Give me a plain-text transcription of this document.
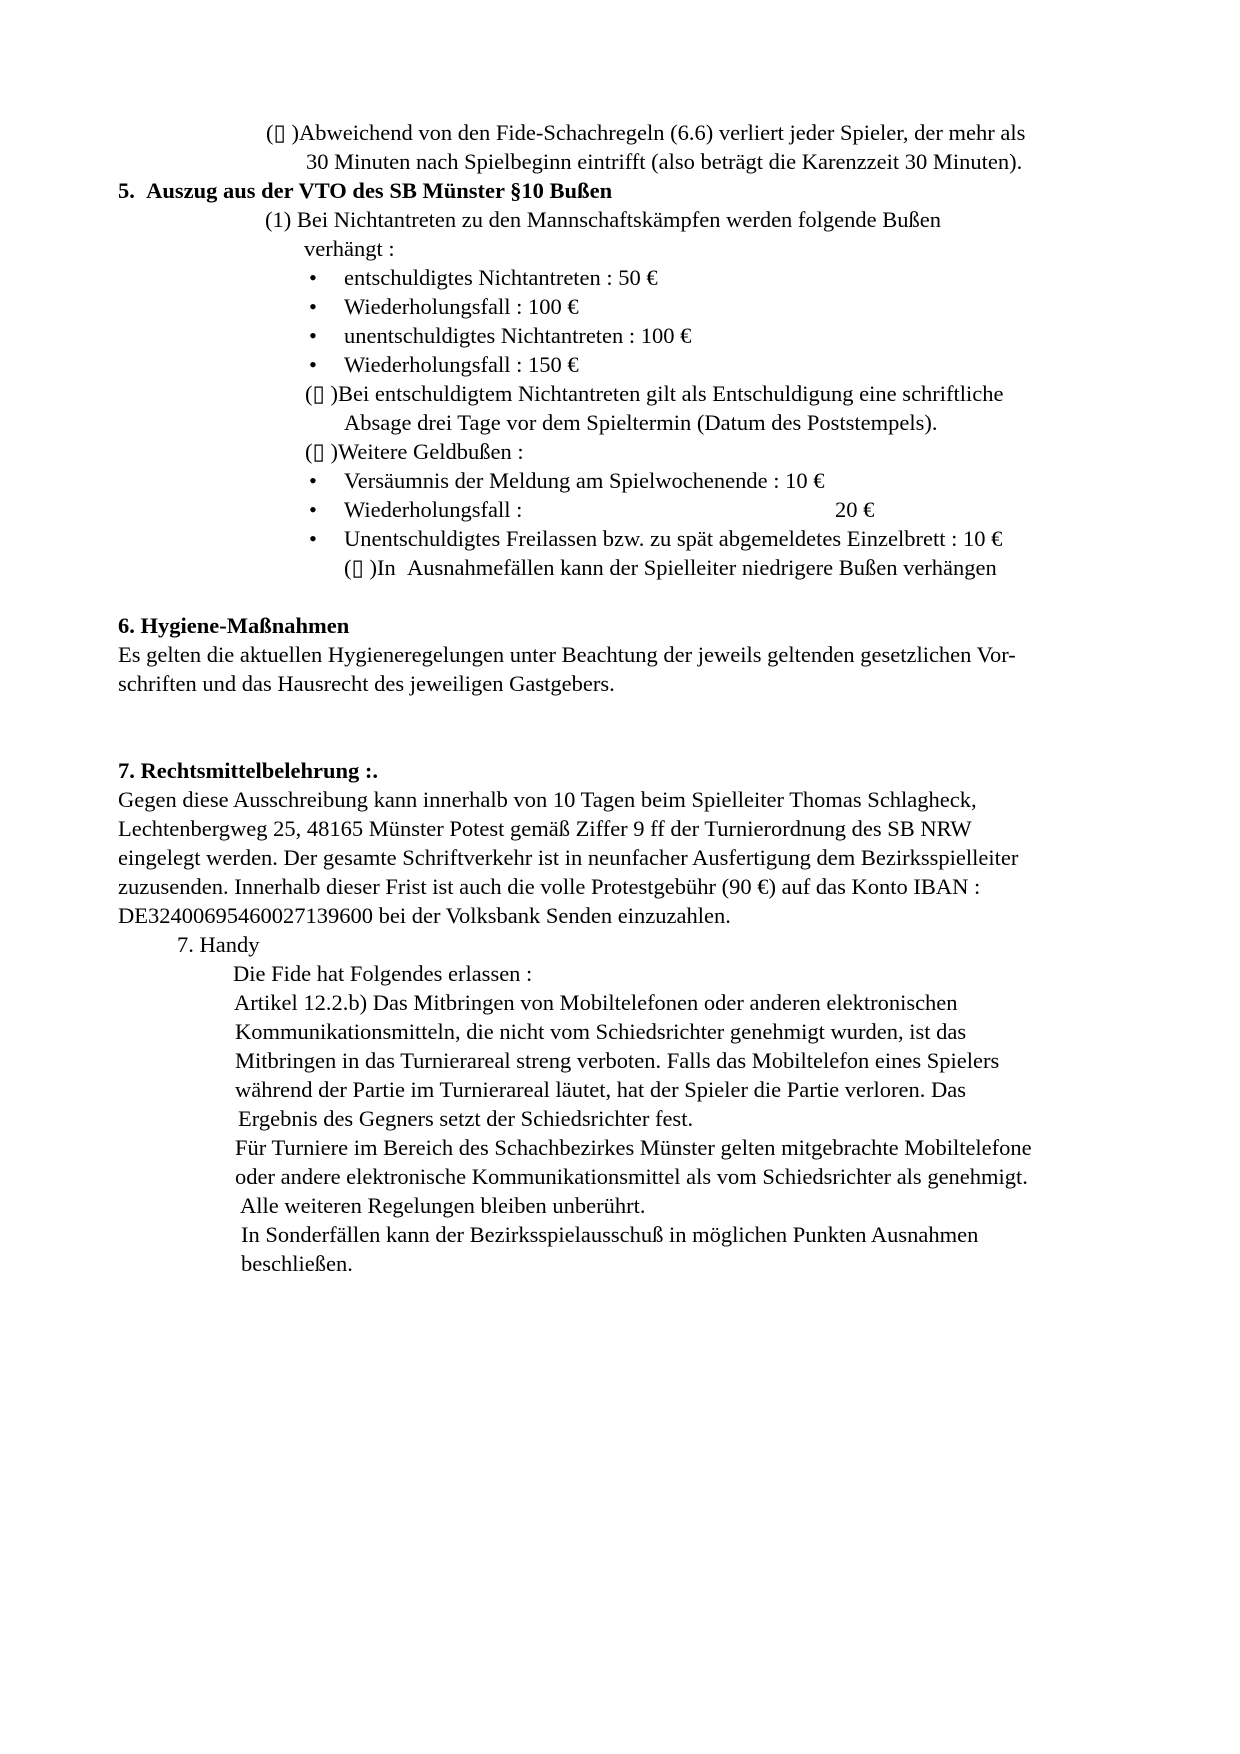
(▯ )Abweichend von den Fide-Schachregeln (6.6) verliert jeder Spieler, der mehr als
30 Minuten nach Spielbeginn eintrifft (also beträgt die Karenzzeit 30 Minuten).
5.  Auszug aus der VTO des SB Münster §10 Bußen
(1) Bei Nichtantreten zu den Mannschaftskämpfen werden folgende Bußen
verhängt :
• entschuldigtes Nichtantreten : 50 €
• Wiederholungsfall : 100 €
• unentschuldigtes Nichtantreten : 100 €
• Wiederholungsfall : 150 €
(▯ )Bei entschuldigtem Nichtantreten gilt als Entschuldigung eine schriftliche
Absage drei Tage vor dem Spieltermin (Datum des Poststempels).
(▯ )Weitere Geldbußen :
• Versäumnis der Meldung am Spielwochenende : 10 €
• Wiederholungsfall :	20 €
• Unentschuldigtes Freilassen bzw. zu spät abgemeldetes Einzelbrett : 10 €
(▯ )In  Ausnahmefällen kann der Spielleiter niedrigere Bußen verhängen
6. Hygiene-Maßnahmen
Es gelten die aktuellen Hygieneregelungen unter Beachtung der jeweils geltenden gesetzlichen Vor-
schriften und das Hausrecht des jeweiligen Gastgebers.
7. Rechtsmittelbelehrung :.
Gegen diese Ausschreibung kann innerhalb von 10 Tagen beim Spielleiter Thomas Schlagheck,
Lechtenbergweg 25, 48165 Münster Potest gemäß Ziffer 9 ff der Turnierordnung des SB NRW
eingelegt werden. Der gesamte Schriftverkehr ist in neunfacher Ausfertigung dem Bezirksspielleiter
zuzusenden. Innerhalb dieser Frist ist auch die volle Protestgebühr (90 €) auf das Konto IBAN :
DE32400695460027139600 bei der Volksbank Senden einzuzahlen.
7. Handy
Die Fide hat Folgendes erlassen :
Artikel 12.2.b) Das Mitbringen von Mobiltelefonen oder anderen elektronischen
Kommunikationsmitteln, die nicht vom Schiedsrichter genehmigt wurden, ist das
Mitbringen in das Turnierareal streng verboten. Falls das Mobiltelefon eines Spielers
während der Partie im Turnierareal läutet, hat der Spieler die Partie verloren. Das
Ergebnis des Gegners setzt der Schiedsrichter fest.
Für Turniere im Bereich des Schachbezirkes Münster gelten mitgebrachte Mobiltelefone
oder andere elektronische Kommunikationsmittel als vom Schiedsrichter als genehmigt.
Alle weiteren Regelungen bleiben unberührt.
In Sonderfällen kann der Bezirksspielausschuß in möglichen Punkten Ausnahmen
beschließen.
